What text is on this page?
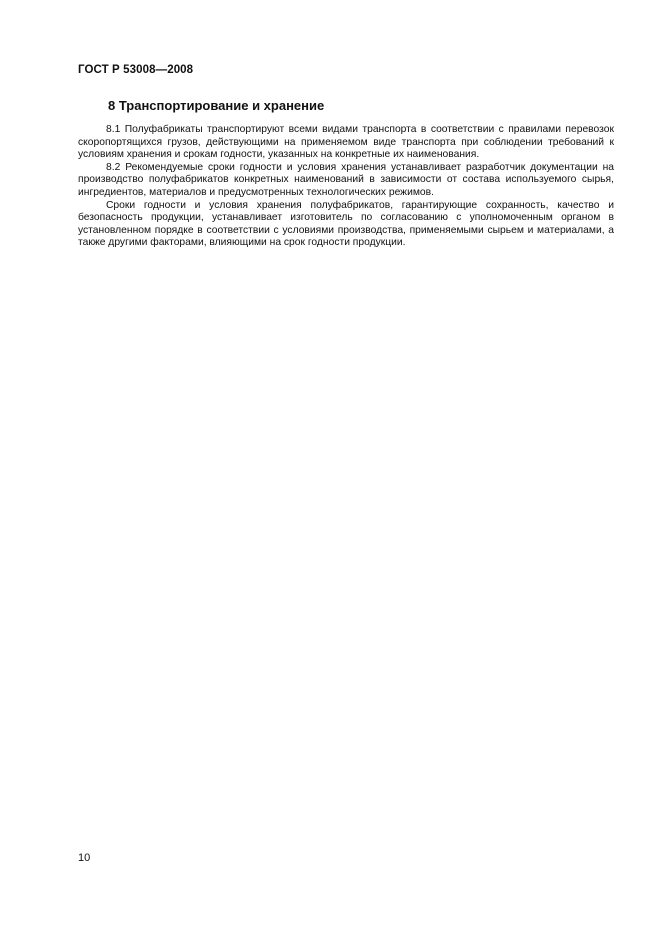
ГОСТ Р 53008—2008
8 Транспортирование и хранение

8.1 Полуфабрикаты транспортируют всеми видами транспорта в соответствии с правилами перевозок скоропортящихся грузов, действующими на применяемом виде транспорта при соблюдении требований к условиям хранения и срокам годности, указанных на конкретные их наименования.

8.2 Рекомендуемые сроки годности и условия хранения устанавливает разработчик документации на производство полуфабрикатов конкретных наименований в зависимости от состава используемого сырья, ингредиентов, материалов и предусмотренных технологических режимов.

Сроки годности и условия хранения полуфабрикатов, гарантирующие сохранность, качество и безопасность продукции, устанавливает изготовитель по согласованию с уполномоченным органом в установленном порядке в соответствии с условиями производства, применяемыми сырьем и материалами, а также другими факторами, влияющими на срок годности продукции.

10
